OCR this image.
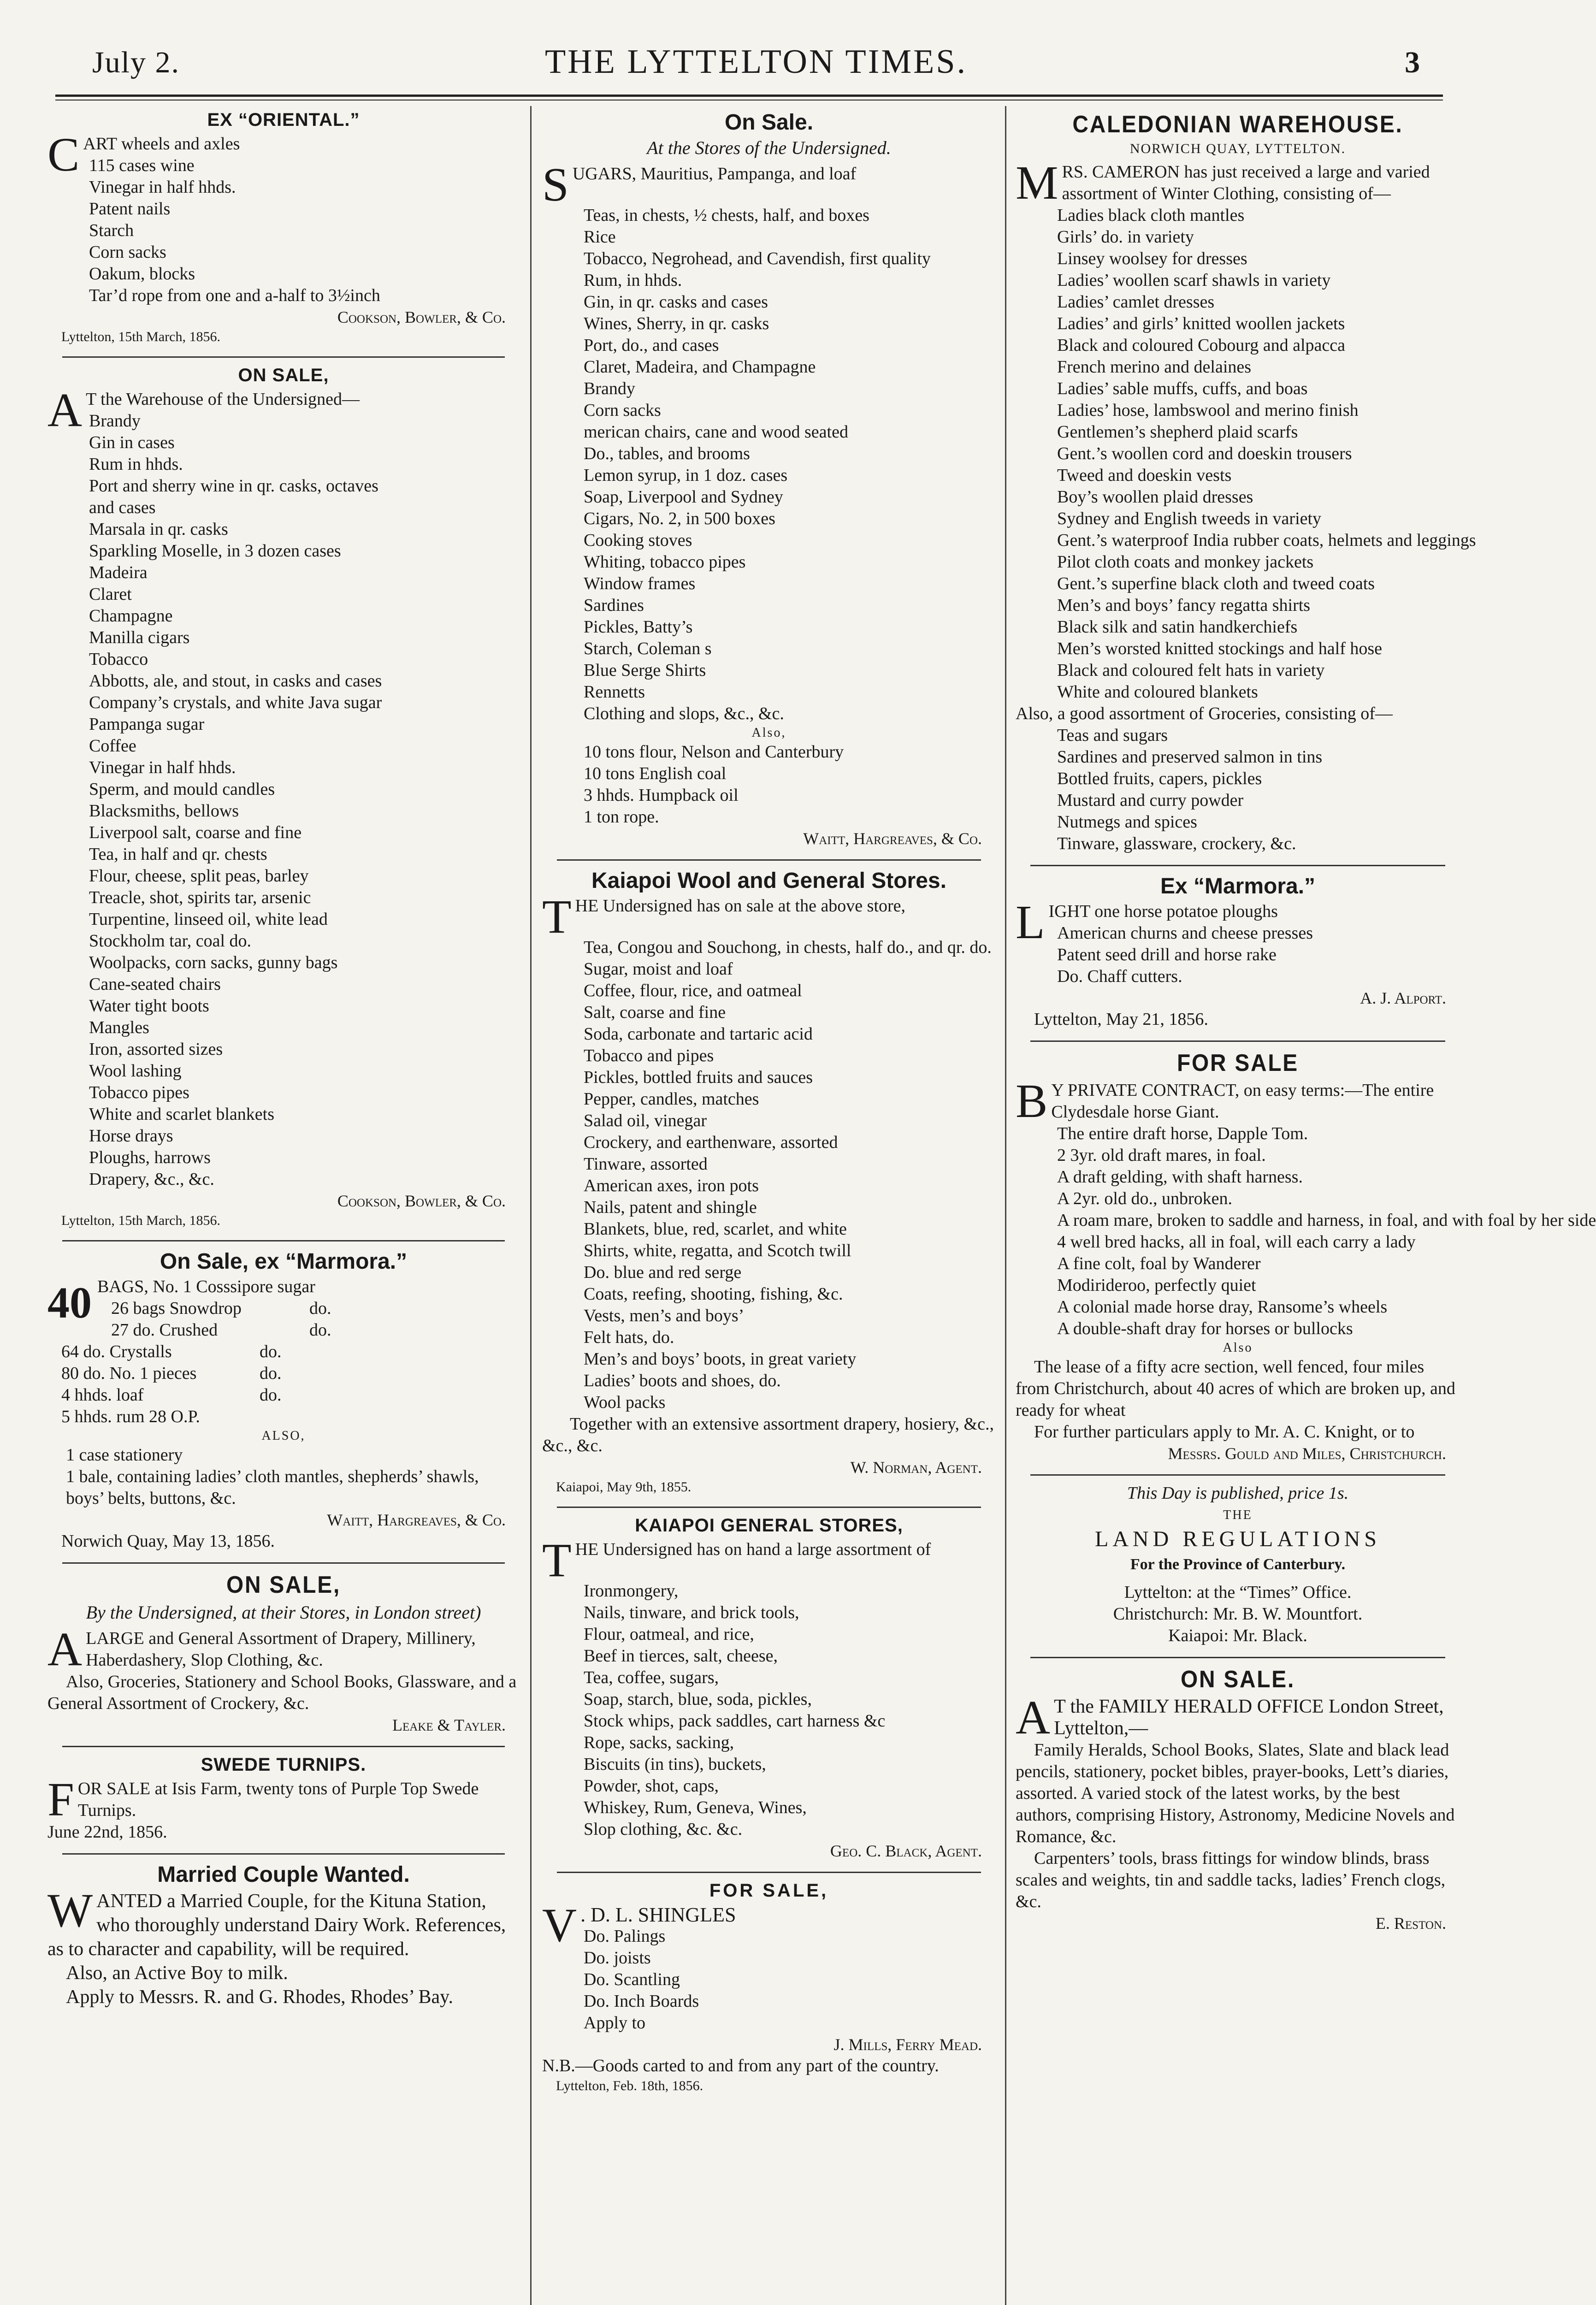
July 2.	THE LYTTELTON TIMES.	3
EX “ORIENTAL.”
C ART wheels and axles
115 cases wine
Vinegar in half hhds.
Patent nails
Starch
Corn sacks
Oakum, blocks
Tar’d rope from one and a-half to 3½inch
Cookson, Bowler, & Co.
Lyttelton, 15th March, 1856.
ON SALE,
A T the Warehouse of the Undersigned—
Brandy
Gin in cases
Rum in hhds.
Port and sherry wine in qr. casks, octaves
and cases
Marsala in qr. casks
Sparkling Moselle, in 3 dozen cases
Madeira
Claret
Champagne
Manilla cigars
Tobacco
Abbotts, ale, and stout, in casks and cases
Company’s crystals, and white Java sugar
Pampanga sugar
Coffee
Vinegar in half hhds.
Sperm, and mould candles
Blacksmiths, bellows
Liverpool salt, coarse and fine
Tea, in half and qr. chests
Flour, cheese, split peas, barley
Treacle, shot, spirits tar, arsenic
Turpentine, linseed oil, white lead
Stockholm tar, coal do.
Woolpacks, corn sacks, gunny bags
Cane-seated chairs
Water tight boots
Mangles
Iron, assorted sizes
Wool lashing
Tobacco pipes
White and scarlet blankets
Horse drays
Ploughs, harrows
Drapery, &c., &c.
Cookson, Bowler, & Co.
Lyttelton, 15th March, 1856.
On Sale, ex “Marmora.”
40 BAGS, No. 1 Cosssipore sugar
26 bags Snowdrop	do.
27 do. Crushed	do.
64 do. Crystalls	do.
80 do. No. 1 pieces	do.
4 hhds. loaf	do.
5 hhds. rum 28 O.P.
ALSO,
1 case stationery
1 bale, containing ladies’ cloth mantles, shepherds’ shawls, boys’ belts, buttons, &c.
Waitt, Hargreaves, & Co.
Norwich Quay, May 13, 1856.
ON SALE,
By the Undersigned, at their Stores, in London street)
A LARGE and General Assortment of Drapery, Millinery, Haberdashery, Slop Clothing, &c.
Also, Groceries, Stationery and School Books, Glassware, and a General Assortment of Crockery, &c.
Leake & Tayler.
SWEDE TURNIPS.
F OR SALE at Isis Farm, twenty tons of Purple Top Swede Turnips.
June 22nd, 1856.
Married Couple Wanted.
W ANTED a Married Couple, for the Kituna Station, who thoroughly understand Dairy Work. References, as to character and capability, will be required.
Also, an Active Boy to milk.
Apply to Messrs. R. and G. Rhodes, Rhodes’ Bay.
On Sale.
At the Stores of the Undersigned.
S UGARS, Mauritius, Pampanga, and loaf
Teas, in chests, ½ chests, half, and boxes
Rice
Tobacco, Negrohead, and Cavendish, first quality
Rum, in hhds.
Gin, in qr. casks and cases
Wines, Sherry, in qr. casks
Port, do., and cases
Claret, Madeira, and Champagne
Brandy
Corn sacks
merican chairs, cane and wood seated
Do., tables, and brooms
Lemon syrup, in 1 doz. cases
Soap, Liverpool and Sydney
Cigars, No. 2, in 500 boxes
Cooking stoves
Whiting, tobacco pipes
Window frames
Sardines
Pickles, Batty’s
Starch, Coleman s
Blue Serge Shirts
Rennetts
Clothing and slops, &c., &c.
Also,
10 tons flour, Nelson and Canterbury
10 tons English coal
3 hhds. Humpback oil
1 ton rope.
Waitt, Hargreaves, & Co.
Kaiapoi Wool and General Stores.
T HE Undersigned has on sale at the above store,
Tea, Congou and Souchong, in chests, half do., and qr. do.
Sugar, moist and loaf
Coffee, flour, rice, and oatmeal
Salt, coarse and fine
Soda, carbonate and tartaric acid
Tobacco and pipes
Pickles, bottled fruits and sauces
Pepper, candles, matches
Salad oil, vinegar
Crockery, and earthenware, assorted
Tinware, assorted
American axes, iron pots
Nails, patent and shingle
Blankets, blue, red, scarlet, and white
Shirts, white, regatta, and Scotch twill
Do. blue and red serge
Coats, reefing, shooting, fishing, &c.
Vests, men’s and boys’
Felt hats, do.
Men’s and boys’ boots, in great variety
Ladies’ boots and shoes, do.
Wool packs
Together with an extensive assortment drapery, hosiery, &c., &c., &c.
W. Norman, Agent.
Kaiapoi, May 9th, 1855.
KAIAPOI GENERAL STORES,
T HE Undersigned has on hand a large assortment of
Ironmongery,
Nails, tinware, and brick tools,
Flour, oatmeal, and rice,
Beef in tierces, salt, cheese,
Tea, coffee, sugars,
Soap, starch, blue, soda, pickles,
Stock whips, pack saddles, cart harness &c
Rope, sacks, sacking,
Biscuits (in tins), buckets,
Powder, shot, caps,
Whiskey, Rum, Geneva, Wines,
Slop clothing, &c. &c.
Geo. C. Black, Agent.
FOR SALE,
V . D. L. SHINGLES
Do. Palings
Do. joists
Do. Scantling
Do. Inch Boards
Apply to
J. Mills, Ferry Mead.
N.B.—Goods carted to and from any part of the country.
Lyttelton, Feb. 18th, 1856.
CALEDONIAN WAREHOUSE.
NORWICH QUAY, LYTTELTON.
M RS. CAMERON has just received a large and varied assortment of Winter Clothing, consisting of—
Ladies black cloth mantles
Girls’ do. in variety
Linsey woolsey for dresses
Ladies’ woollen scarf shawls in variety
Ladies’ camlet dresses
Ladies’ and girls’ knitted woollen jackets
Black and coloured Cobourg and alpacca
French merino and delaines
Ladies’ sable muffs, cuffs, and boas
Ladies’ hose, lambswool and merino finish
Gentlemen’s shepherd plaid scarfs
Gent.’s woollen cord and doeskin trousers
Tweed and doeskin vests
Boy’s woollen plaid dresses
Sydney and English tweeds in variety
Gent.’s waterproof India rubber coats, helmets and leggings
Pilot cloth coats and monkey jackets
Gent.’s superfine black cloth and tweed coats
Men’s and boys’ fancy regatta shirts
Black silk and satin handkerchiefs
Men’s worsted knitted stockings and half hose
Black and coloured felt hats in variety
White and coloured blankets
Also, a good assortment of Groceries, consisting of—
Teas and sugars
Sardines and preserved salmon in tins
Bottled fruits, capers, pickles
Mustard and curry powder
Nutmegs and spices
Tinware, glassware, crockery, &c.
Ex “Marmora.”
L IGHT one horse potatoe ploughs
American churns and cheese presses
Patent seed drill and horse rake
Do. Chaff cutters.
A. J. Alport.
Lyttelton, May 21, 1856.
FOR SALE
B Y PRIVATE CONTRACT, on easy terms:—The entire Clydesdale horse Giant.
The entire draft horse, Dapple Tom.
2 3yr. old draft mares, in foal.
A draft gelding, with shaft harness.
A 2yr. old do., unbroken.
A roam mare, broken to saddle and harness, in foal, and with foal by her side
4 well bred hacks, all in foal, will each carry a lady
A fine colt, foal by Wanderer
Modirideroo, perfectly quiet
A colonial made horse dray, Ransome’s wheels
A double-shaft dray for horses or bullocks
Also
The lease of a fifty acre section, well fenced, four miles from Christchurch, about 40 acres of which are broken up, and ready for wheat
For further particulars apply to Mr. A. C. Knight, or to
Messrs. Gould and Miles, Christchurch.
This Day is published, price 1s.
THE
LAND REGULATIONS
For the Province of Canterbury.
Lyttelton: at the “Times” Office.
Christchurch: Mr. B. W. Mountfort.
Kaiapoi: Mr. Black.
ON SALE.
A T the FAMILY HERALD OFFICE London Street, Lyttelton,—
Family Heralds, School Books, Slates, Slate and black lead pencils, stationery, pocket bibles, prayer-books, Lett’s diaries, assorted. A varied stock of the latest works, by the best authors, comprising History, Astronomy, Medicine Novels and Romance, &c.
Carpenters’ tools, brass fittings for window blinds, brass scales and weights, tin and saddle tacks, ladies’ French clogs, &c.
E. Reston.
